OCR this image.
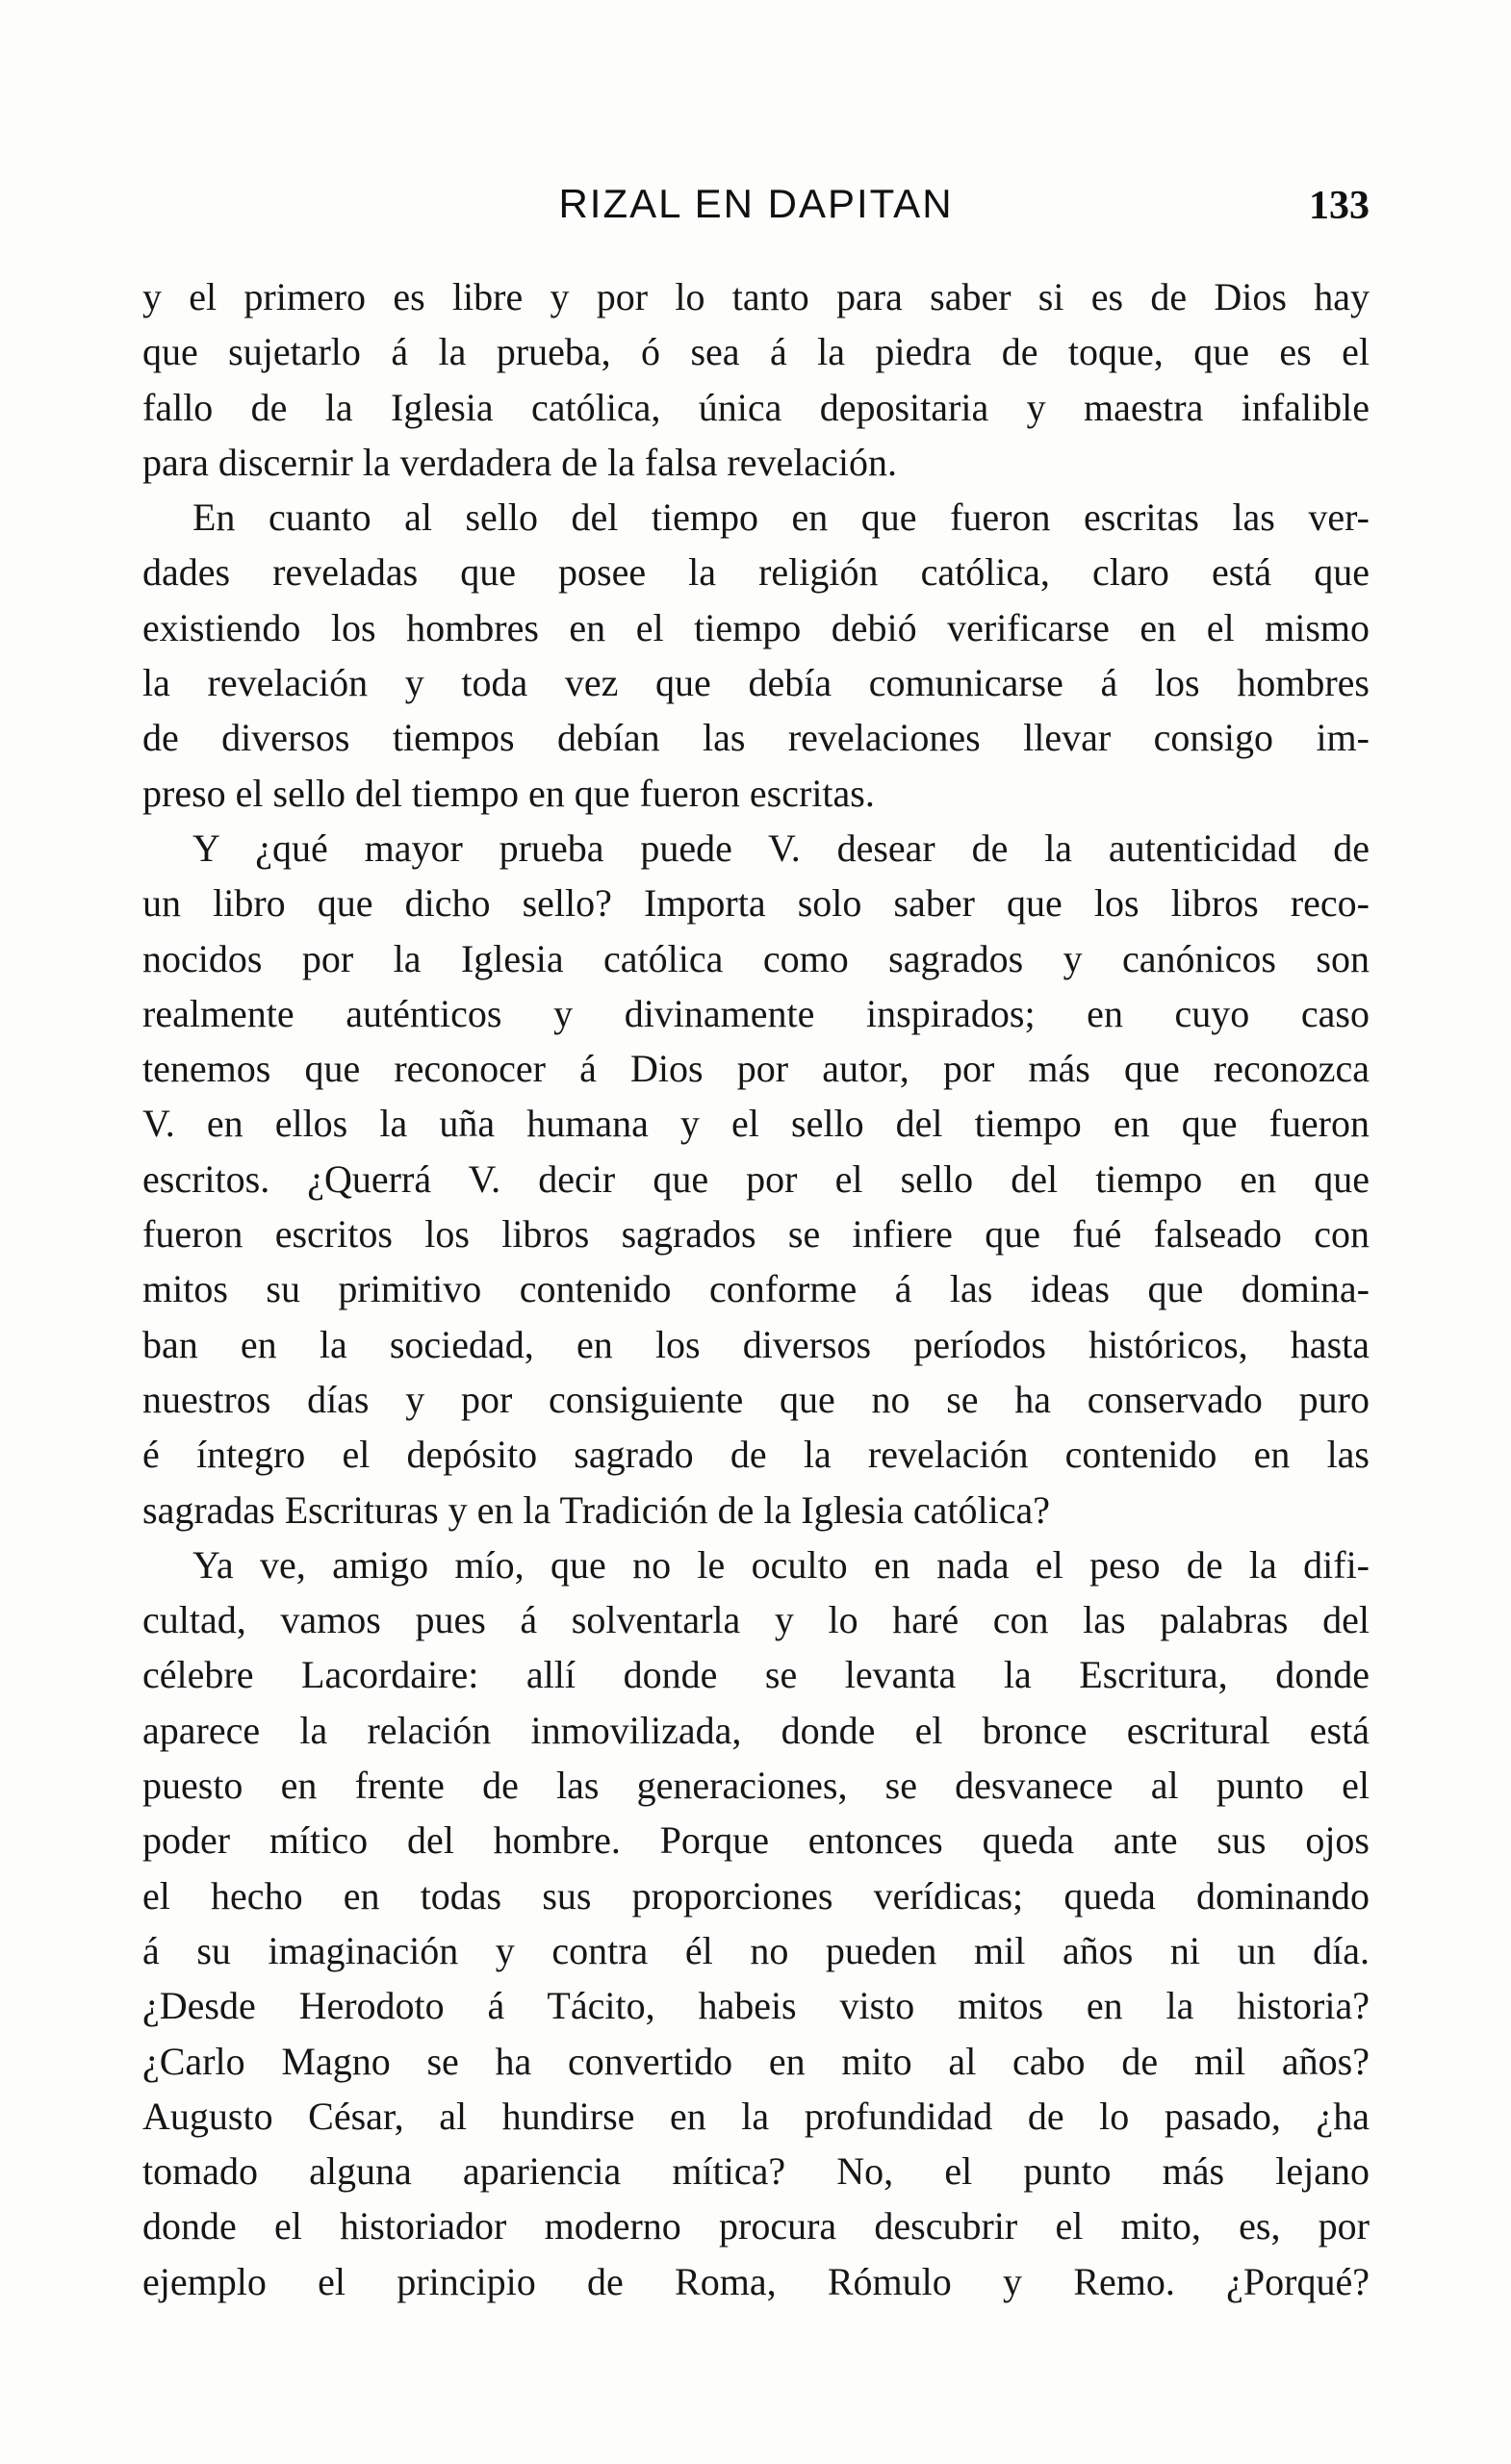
RIZAL EN DAPITAN	133
y el primero es libre y por lo tanto para saber si es de Dios hay
que sujetarlo á la prueba, ó sea á la piedra de toque, que es el
fallo de la Iglesia católica, única depositaria y maestra infalible
para discernir la verdadera de la falsa revelación.
En cuanto al sello del tiempo en que fueron escritas las ver-
dades reveladas que posee la religión católica, claro está que
existiendo los hombres en el tiempo debió verificarse en el mismo
la revelación y toda vez que debía comunicarse á los hombres
de diversos tiempos debían las revelaciones llevar consigo im-
preso el sello del tiempo en que fueron escritas.
Y ¿qué mayor prueba puede V. desear de la autenticidad de
un libro que dicho sello? Importa solo saber que los libros reco-
nocidos por la Iglesia católica como sagrados y canónicos son
realmente auténticos y divinamente inspirados; en cuyo caso
tenemos que reconocer á Dios por autor, por más que reconozca
V. en ellos la uña humana y el sello del tiempo en que fueron
escritos. ¿Querrá V. decir que por el sello del tiempo en que
fueron escritos los libros sagrados se infiere que fué falseado con
mitos su primitivo contenido conforme á las ideas que domina-
ban en la sociedad, en los diversos períodos históricos, hasta
nuestros días y por consiguiente que no se ha conservado puro
é íntegro el depósito sagrado de la revelación contenido en las
sagradas Escrituras y en la Tradición de la Iglesia católica?
Ya ve, amigo mío, que no le oculto en nada el peso de la difi-
cultad, vamos pues á solventarla y lo haré con las palabras del
célebre Lacordaire: allí donde se levanta la Escritura, donde
aparece la relación inmovilizada, donde el bronce escritural está
puesto en frente de las generaciones, se desvanece al punto el
poder mítico del hombre. Porque entonces queda ante sus ojos
el hecho en todas sus proporciones verídicas; queda dominando
á su imaginación y contra él no pueden mil años ni un día.
¿Desde Herodoto á Tácito, habeis visto mitos en la historia?
¿Carlo Magno se ha convertido en mito al cabo de mil años?
Augusto César, al hundirse en la profundidad de lo pasado, ¿ha
tomado alguna apariencia mítica? No, el punto más lejano
donde el historiador moderno procura descubrir el mito, es, por
ejemplo el principio de Roma, Rómulo y Remo. ¿Porqué?
